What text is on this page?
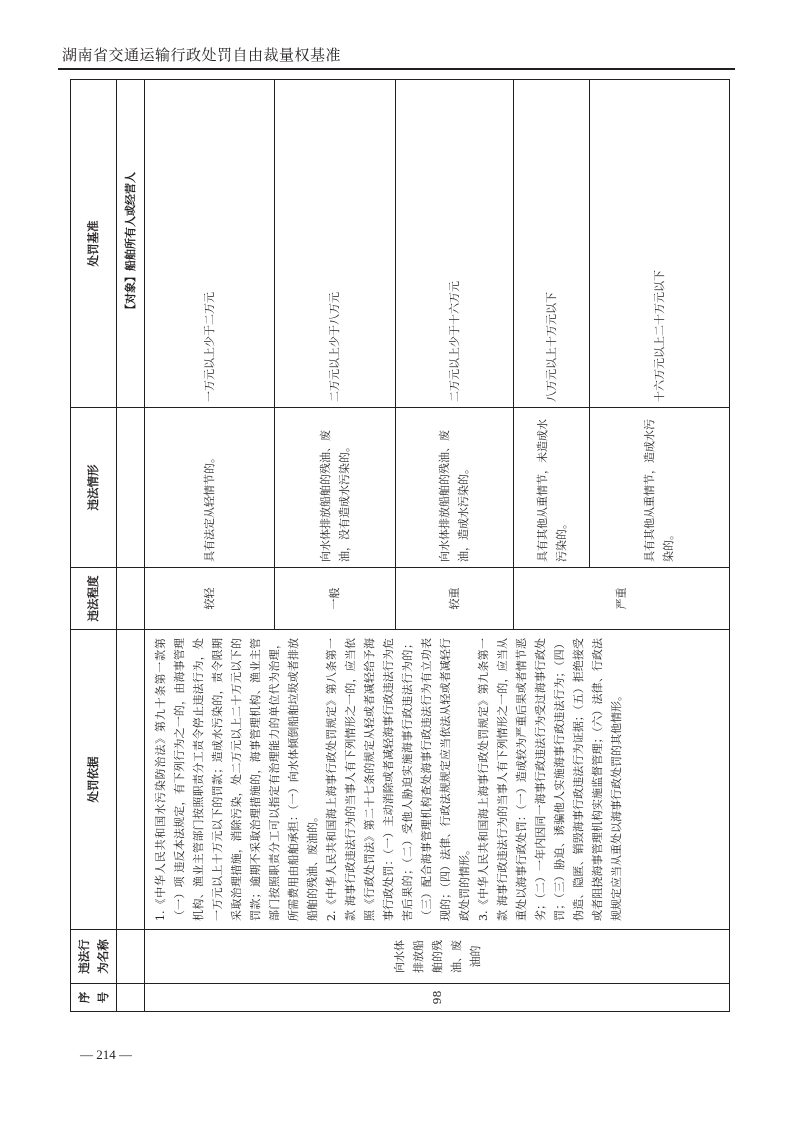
湖南省交通运输行政处罚自由裁量权基准
序号	违法行为名称	处罚依据	违法程度	违法情形	处罚基准
					【对象】船舶所有人或经营人
98	向水体排放船舶的残油、废油的	1.《中华人民共和国水污染防治法》第九十条第一款第（一）项 违反本法规定，有下列行为之一的，由海事管理机构、渔业主管部门按照职责分工责令停止违法行为，处一万元以上十万元以下的罚款；造成水污染的，责令限期采取治理措施，消除污染，处二万元以上二十万元以下的罚款；逾期不采取治理措施的，海事管理机构、渔业主管部门按照职责分工可以指定有治理能力的单位代为治理，所需费用由船舶承担：（一）向水体倾倒船舶垃圾或者排放船舶的残油、废油的。 2.《中华人民共和国海上海事行政处罚规定》第八条第一款 海事行政违法行为的当事人有下列情形之一的，应当依照《行政处罚法》第二十七条的规定从轻或者减轻给予海事行政处罚：（一）主动消除或者减轻海事行政违法行为危害后果的；（二）受他人胁迫实施海事行政违法行为的；（三）配合海事管理机构查处海事行政违法行为有立功表现的；（四）法律、行政法规规定应当依法从轻或者减轻行政处罚的情形。 3.《中华人民共和国海上海事行政处罚规定》第九条第一款 海事行政违法行为的当事人有下列情形之一的，应当从重处以海事行政处罚：（一）造成较为严重后果或者情节恶劣；（二）一年内因同一海事行政违法行为受过海事行政处罚；（三）胁迫、诱骗他人实施海事行政违法行为；（四）伪造、隐匿、销毁海事行政违法行为证据；（五）拒绝接受或者阻挠海事管理机构实施监督管理；（六）法律、行政法规规定应当从重处以海事行政处罚的其他情形。	较轻	具有法定从轻情节的。	一万元以上少于二万元
			一般	向水体排放船舶的残油、废油，没有造成水污染的。	二万元以上少于八万元
			较重	向水体排放船舶的残油、废油，造成水污染的。	二万元以上少于十六万元
			严重	具有其他从重情节，未造成水污染的。	八万元以上十万元以下
				具有其他从重情节，造成水污染的。	十六万元以上二十万元以下
— 214 —
